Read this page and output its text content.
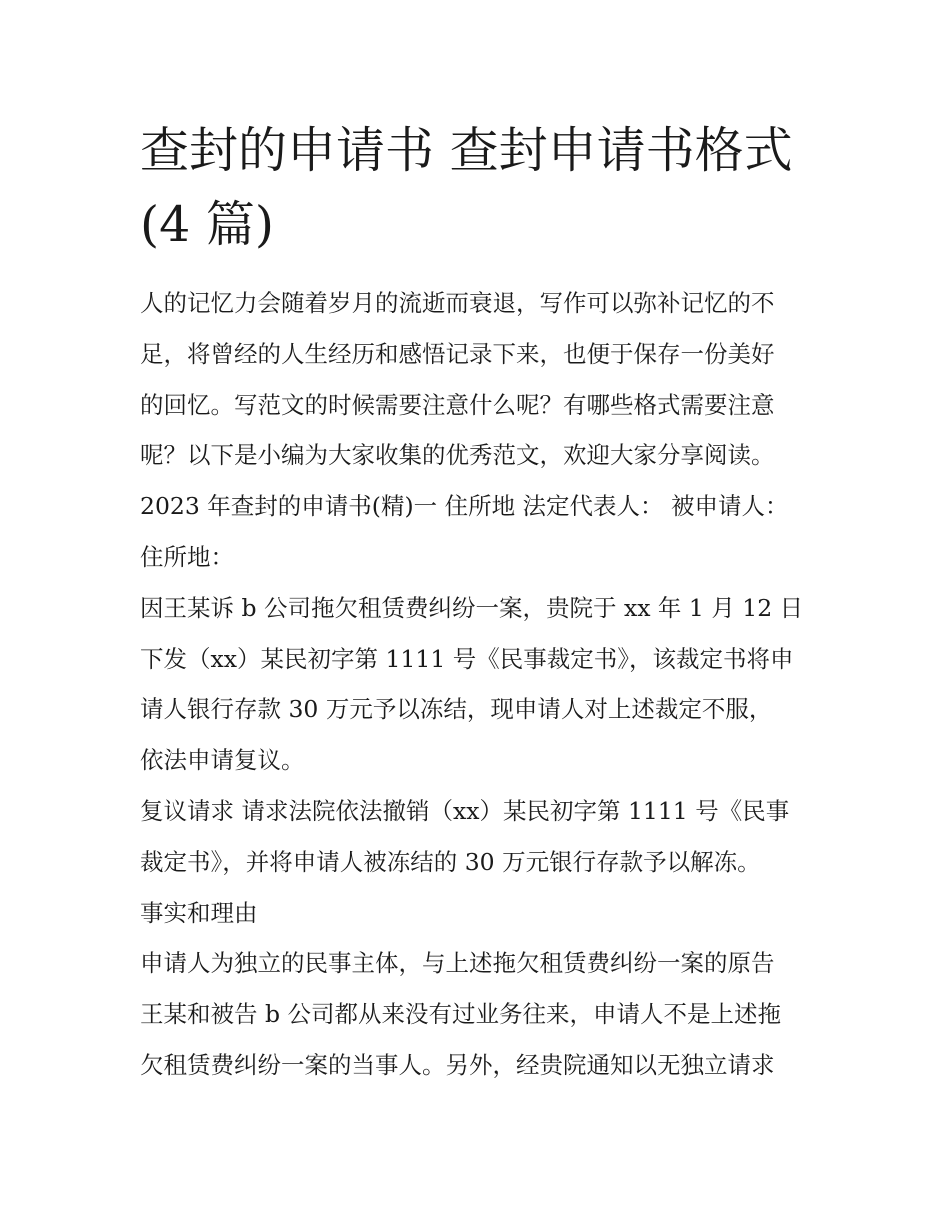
查封的申请书 查封申请书格式
(4 篇)
人的记忆力会随着岁月的流逝而衰退，写作可以弥补记忆的不
足，将曾经的人生经历和感悟记录下来，也便于保存一份美好
的回忆。写范文的时候需要注意什么呢？有哪些格式需要注意
呢？以下是小编为大家收集的优秀范文，欢迎大家分享阅读。
2023 年查封的申请书(精)一 住所地 法定代表人： 被申请人：
住所地：
因王某诉 b 公司拖欠租赁费纠纷一案，贵院于 xx 年 1 月 12 日
下发（xx）某民初字第 1111 号《民事裁定书》，该裁定书将申
请人银行存款 30 万元予以冻结，现申请人对上述裁定不服，
依法申请复议。
复议请求 请求法院依法撤销（xx）某民初字第 1111 号《民事
裁定书》，并将申请人被冻结的 30 万元银行存款予以解冻。
事实和理由
申请人为独立的民事主体，与上述拖欠租赁费纠纷一案的原告
王某和被告 b 公司都从来没有过业务往来，申请人不是上述拖
欠租赁费纠纷一案的当事人。另外，经贵院通知以无独立请求
